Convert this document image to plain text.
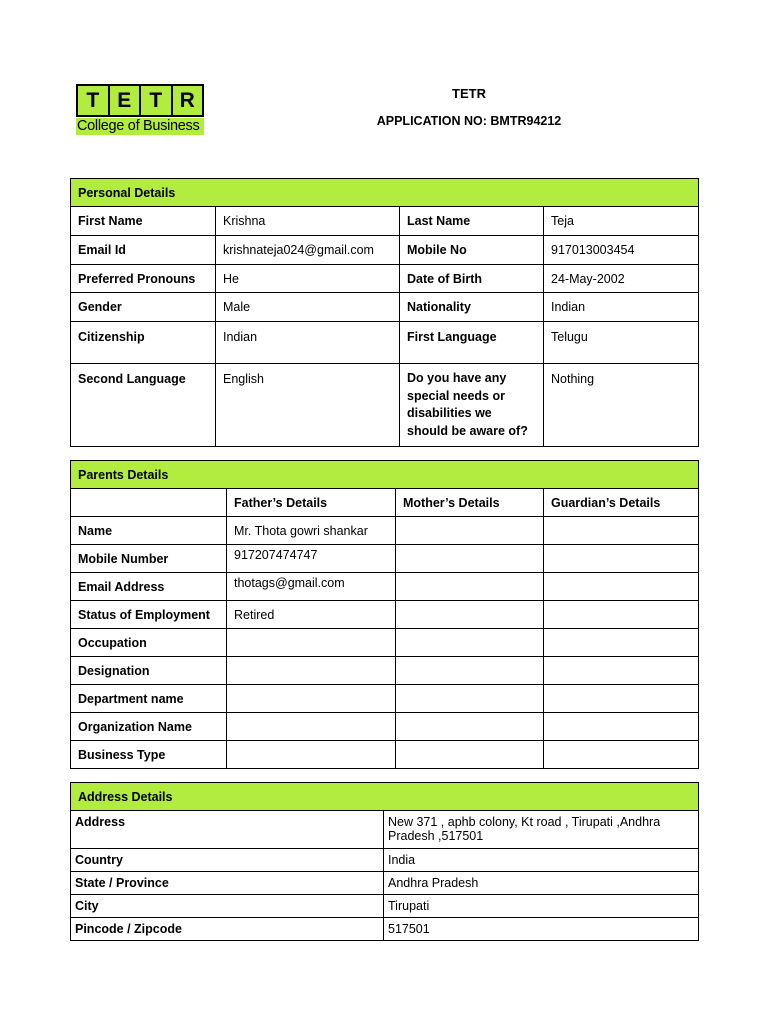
T E T R
College of Business
TETR
APPLICATION NO: BMTR94212
Personal Details			
First Name	Krishna	Last Name	Teja
Email Id	krishnateja024@gmail.com	Mobile No	917013003454
Preferred Pronouns	He	Date of Birth	24-May-2002
Gender	Male	Nationality	Indian
Citizenship	Indian	First Language	Telugu
Second Language	English	Do you have any special needs or disabilities we should be aware of?	Nothing
Parents Details			
	Father’s Details	Mother’s Details	Guardian’s Details
Name	Mr. Thota gowri shankar		
Mobile Number	917207474747		
Email Address	thotags@gmail.com		
Status of Employment	Retired		
Occupation			
Designation			
Department name			
Organization Name			
Business Type			
Address Details	
Address	New 371 , aphb colony, Kt road , Tirupati ,Andhra Pradesh ,517501
Country	India
State / Province	Andhra Pradesh
City	Tirupati
Pincode / Zipcode	517501
